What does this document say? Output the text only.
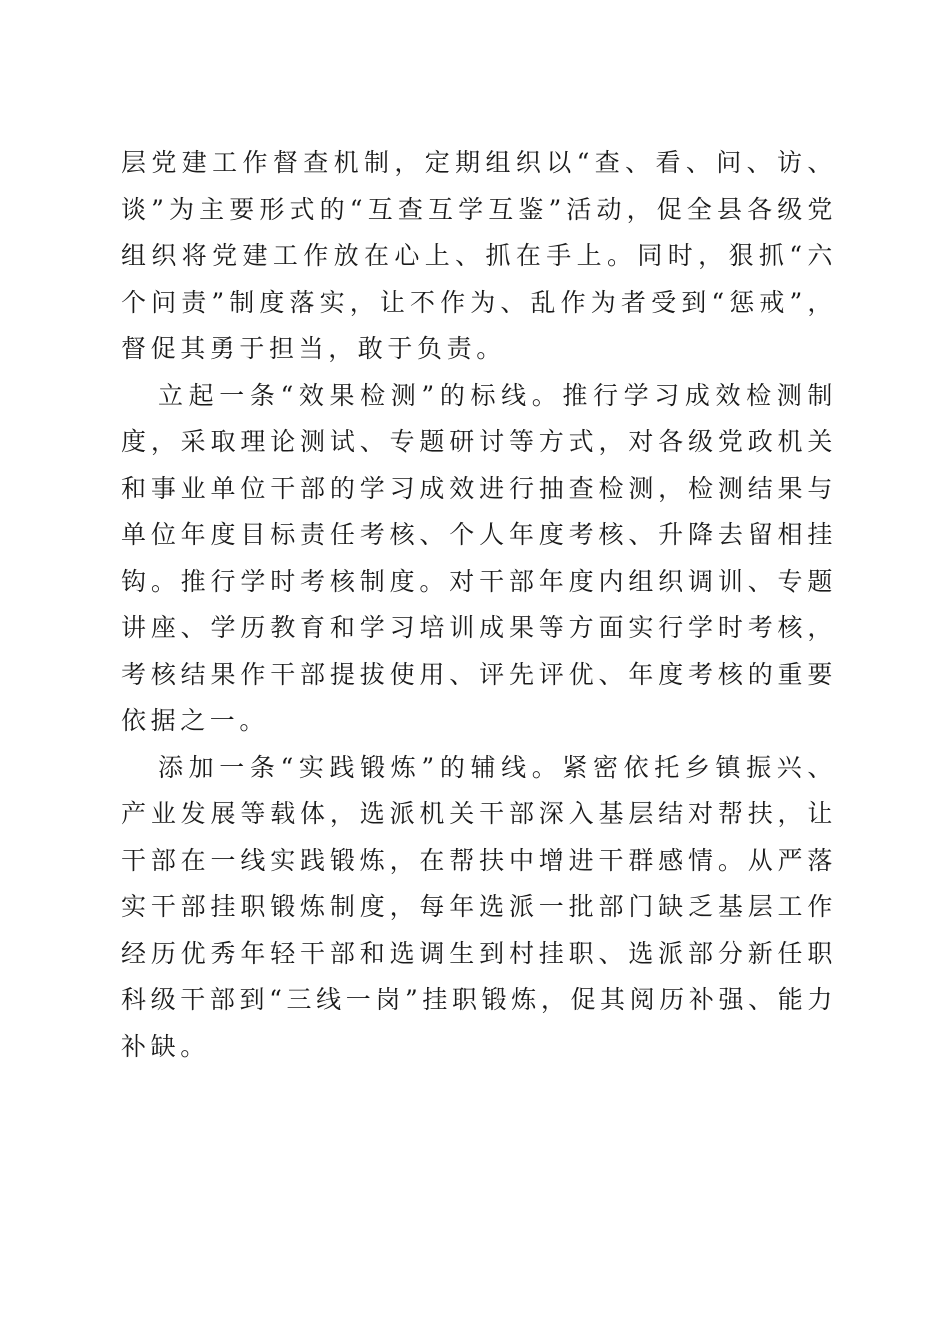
层党建工作督查机制，定期组织以“查、看、问、访、谈”为主要形式的“互查互学互鉴”活动，促全县各级党组织将党建工作放在心上、抓在手上。同时，狠抓“六个问责”制度落实，让不作为、乱作为者受到“惩戒”，督促其勇于担当，敢于负责。

立起一条“效果检测”的标线。推行学习成效检测制度，采取理论测试、专题研讨等方式，对各级党政机关和事业单位干部的学习成效进行抽查检测，检测结果与单位年度目标责任考核、个人年度考核、升降去留相挂钩。推行学时考核制度。对干部年度内组织调训、专题讲座、学历教育和学习培训成果等方面实行学时考核，考核结果作干部提拔使用、评先评优、年度考核的重要依据之一。

添加一条“实践锻炼”的辅线。紧密依托乡镇振兴、产业发展等载体，选派机关干部深入基层结对帮扶，让干部在一线实践锻炼，在帮扶中增进干群感情。从严落实干部挂职锻炼制度，每年选派一批部门缺乏基层工作经历优秀年轻干部和选调生到村挂职、选派部分新任职科级干部到“三线一岗”挂职锻炼，促其阅历补强、能力补缺。
